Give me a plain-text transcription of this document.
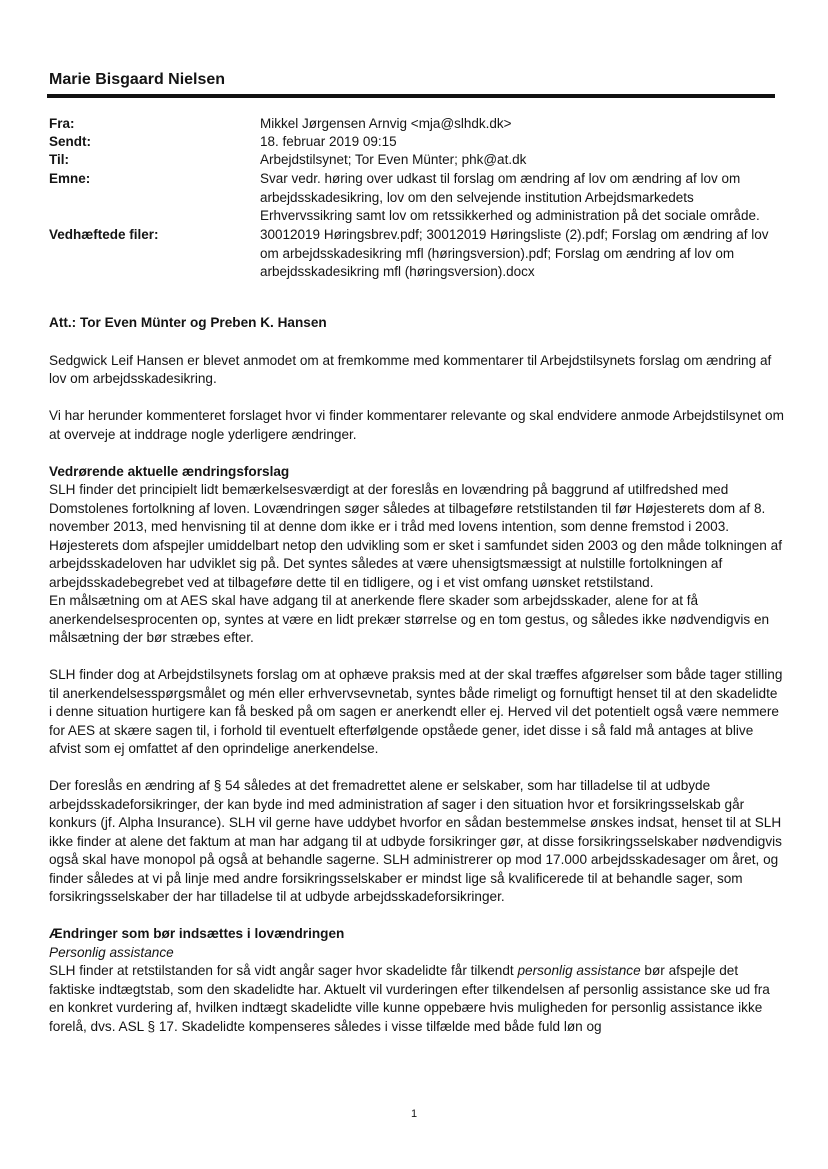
Marie Bisgaard Nielsen
Fra:	Mikkel Jørgensen Arnvig <mja@slhdk.dk>
Sendt:	18. februar 2019 09:15
Til:	Arbejdstilsynet; Tor Even Münter; phk@at.dk
Emne:	Svar vedr. høring over udkast til forslag om ændring af lov om ændring af lov om arbejdsskadesikring, lov om den selvejende institution Arbejdsmarkedets Erhvervssikring samt lov om retssikkerhed og administration på det sociale område.
Vedhæftede filer:	30012019 Høringsbrev.pdf; 30012019 Høringsliste (2).pdf; Forslag om ændring af lov om arbejdsskadesikring mfl (høringsversion).pdf; Forslag om ændring af lov om arbejdsskadesikring mfl (høringsversion).docx

Att.: Tor Even Münter og Preben K. Hansen

Sedgwick Leif Hansen er blevet anmodet om at fremkomme med kommentarer til Arbejdstilsynets forslag om ændring af lov om arbejdsskadesikring.

Vi har herunder kommenteret forslaget hvor vi finder kommentarer relevante og skal endvidere anmode Arbejdstilsynet om at overveje at inddrage nogle yderligere ændringer.

Vedrørende aktuelle ændringsforslag

SLH finder det principielt lidt bemærkelsesværdigt at der foreslås en lovændring på baggrund af utilfredshed med Domstolenes fortolkning af loven. Lovændringen søger således at tilbageføre retstilstanden til før Højesterets dom af 8. november 2013, med henvisning til at denne dom ikke er i tråd med lovens intention, som denne fremstod i 2003.

Højesterets dom afspejler umiddelbart netop den udvikling som er sket i samfundet siden 2003 og den måde tolkningen af arbejdsskadeloven har udviklet sig på. Det syntes således at være uhensigtsmæssigt at nulstille fortolkningen af arbejdsskadebegrebet ved at tilbageføre dette til en tidligere, og i et vist omfang uønsket retstilstand.

En målsætning om at AES skal have adgang til at anerkende flere skader som arbejdsskader, alene for at få anerkendelsesprocenten op, syntes at være en lidt prekær størrelse og en tom gestus, og således ikke nødvendigvis en målsætning der bør stræbes efter.

SLH finder dog at Arbejdstilsynets forslag om at ophæve praksis med at der skal træffes afgørelser som både tager stilling til anerkendelsesspørgsmålet og mén eller erhvervsevnetab, syntes både rimeligt og fornuftigt henset til at den skadelidte i denne situation hurtigere kan få besked på om sagen er anerkendt eller ej. Herved vil det potentielt også være nemmere for AES at skære sagen til, i forhold til eventuelt efterfølgende opståede gener, idet disse i så fald må antages at blive afvist som ej omfattet af den oprindelige anerkendelse.

Der foreslås en ændring af § 54 således at det fremadrettet alene er selskaber, som har tilladelse til at udbyde arbejdsskadeforsikringer, der kan byde ind med administration af sager i den situation hvor et forsikringsselskab går konkurs (jf. Alpha Insurance). SLH vil gerne have uddybet hvorfor en sådan bestemmelse ønskes indsat, henset til at SLH ikke finder at alene det faktum at man har adgang til at udbyde forsikringer gør, at disse forsikringsselskaber nødvendigvis også skal have monopol på også at behandle sagerne. SLH administrerer op mod 17.000 arbejdsskadesager om året, og finder således at vi på linje med andre forsikringsselskaber er mindst lige så kvalificerede til at behandle sager, som forsikringsselskaber der har tilladelse til at udbyde arbejdsskadeforsikringer.

Ændringer som bør indsættes i lovændringen

Personlig assistance

SLH finder at retstilstanden for så vidt angår sager hvor skadelidte får tilkendt personlig assistance bør afspejle det faktiske indtægtstab, som den skadelidte har. Aktuelt vil vurderingen efter tilkendelsen af personlig assistance ske ud fra en konkret vurdering af, hvilken indtægt skadelidte ville kunne oppebære hvis muligheden for personlig assistance ikke forelå, dvs. ASL § 17. Skadelidte kompenseres således i visse tilfælde med både fuld løn og

1
